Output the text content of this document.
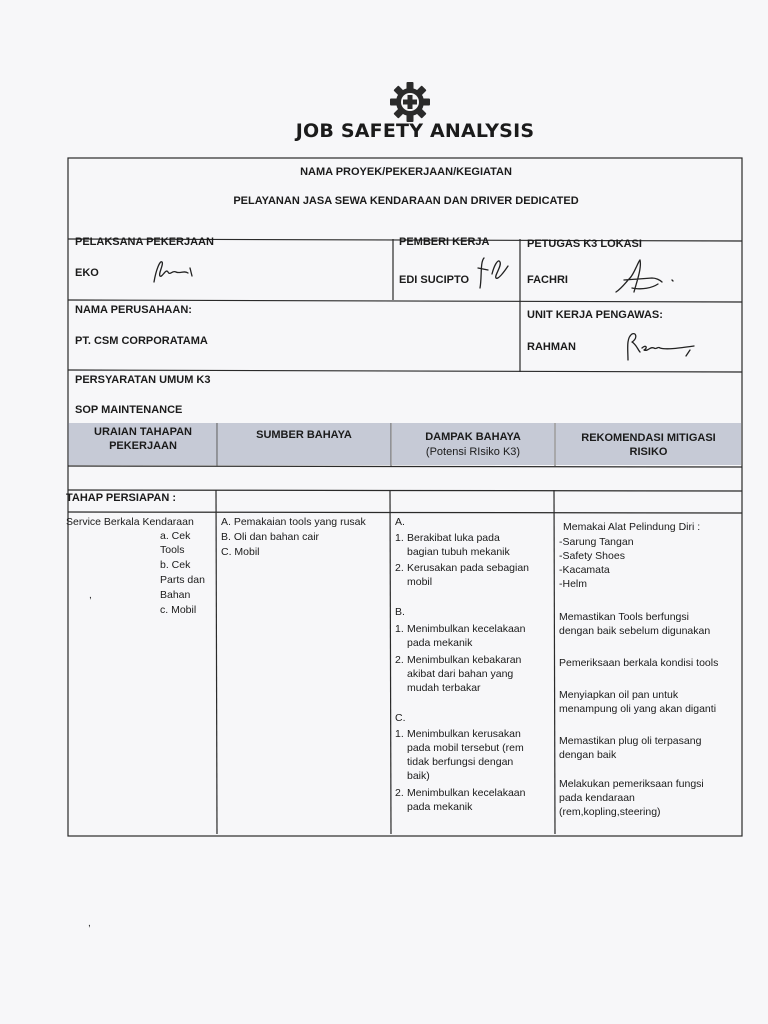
JOB SAFETY ANALYSIS
NAMA PROYEK/PEKERJAAN/KEGIATAN
PELAYANAN JASA SEWA KENDARAAN DAN DRIVER DEDICATED
PELAKSANA PEKERJAAN
EKO
PEMBERI KERJA
EDI SUCIPTO
PETUGAS K3 LOKASI
FACHRI
NAMA PERUSAHAAN:
PT. CSM CORPORATAMA
UNIT KERJA PENGAWAS:
RAHMAN
PERSYARATAN UMUM K3
SOP MAINTENANCE
URAIAN TAHAPAN
PEKERJAAN
SUMBER BAHAYA	DAMPAK BAHAYA
(Potensi RIsiko K3)
REKOMENDASI MITIGASI
RISIKO
TAHAP PERSIAPAN :
Service Berkala Kendaraan
a. Cek
Tools
b. Cek
Parts dan
Bahan
c. Mobil
,
,
A. Pemakaian tools yang rusak
B. Oli dan bahan cair
C. Mobil
A.
1. Berakibat luka pada
bagian tubuh mekanik
2. Kerusakan pada sebagian
mobil
B.
1. Menimbulkan kecelakaan
pada mekanik
2. Menimbulkan kebakaran
akibat dari bahan yang
mudah terbakar
C.
1. Menimbulkan kerusakan
pada mobil tersebut (rem
tidak berfungsi dengan
baik)
2. Menimbulkan kecelakaan
pada mekanik
Memakai Alat Pelindung Diri :
-Sarung Tangan
-Safety Shoes
-Kacamata
-Helm
Memastikan Tools berfungsi
dengan baik sebelum digunakan
Pemeriksaan berkala kondisi tools
Menyiapkan oil pan untuk
menampung oli yang akan diganti
Memastikan plug oli terpasang
dengan baik
Melakukan pemeriksaan fungsi
pada kendaraan
(rem,kopling,steering)
